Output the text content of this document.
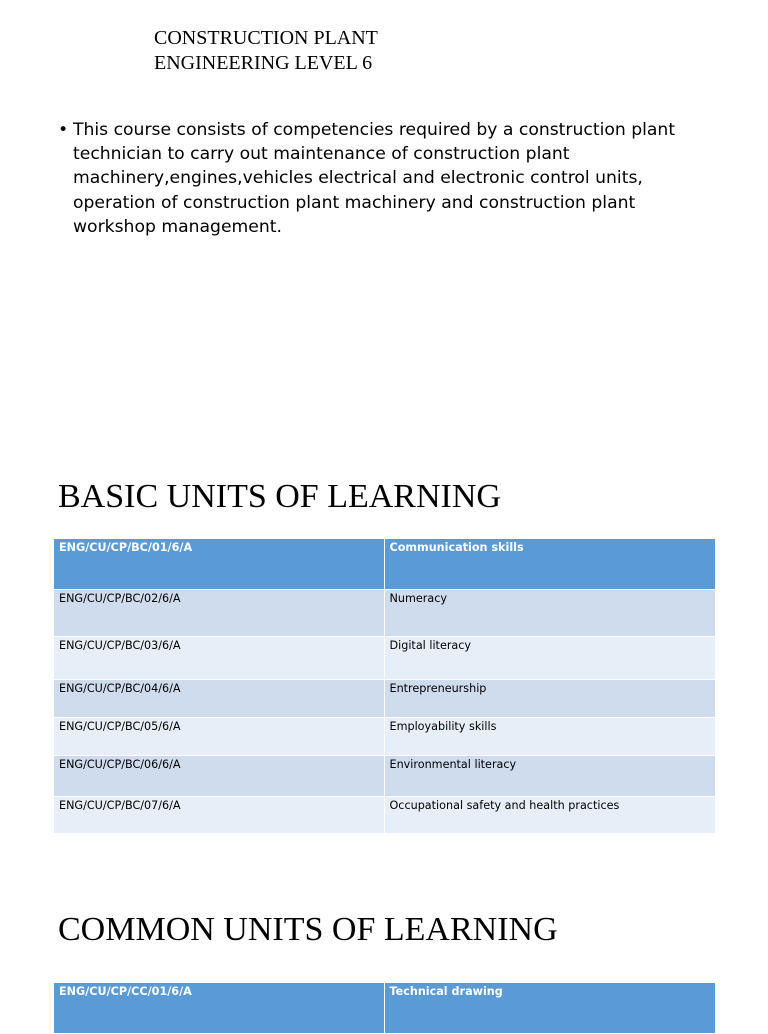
CONSTRUCTION PLANT
ENGINEERING LEVEL 6
• This course consists of competencies required by a construction plant technician to carry out maintenance of construction plant machinery,engines,vehicles electrical and electronic control units, operation of construction plant machinery and construction plant workshop management.
BASIC UNITS OF LEARNING
ENG/CU/CP/BC/01/6/A	Communication skills
ENG/CU/CP/BC/02/6/A	Numeracy
ENG/CU/CP/BC/03/6/A	Digital literacy
ENG/CU/CP/BC/04/6/A	Entrepreneurship
ENG/CU/CP/BC/05/6/A	Employability skills
ENG/CU/CP/BC/06/6/A	Environmental literacy
ENG/CU/CP/BC/07/6/A	Occupational safety and health practices
COMMON UNITS OF LEARNING
ENG/CU/CP/CC/01/6/A	Technical drawing
